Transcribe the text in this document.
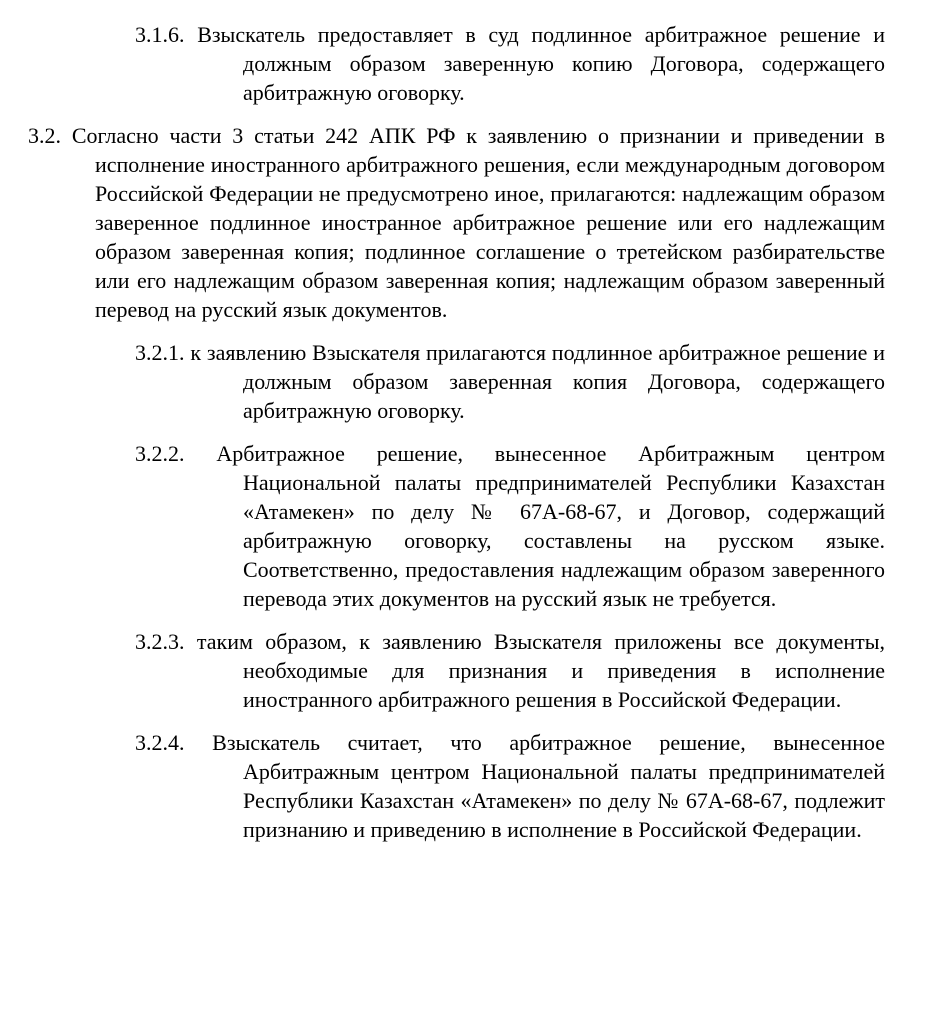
3.1.6. Взыскатель предоставляет в суд подлинное арбитражное решение и должным образом заверенную копию Договора, содержащего арбитражную оговорку.
3.2. Согласно части 3 статьи 242 АПК РФ к заявлению о признании и приведении в исполнение иностранного арбитражного решения, если международным договором Российской Федерации не предусмотрено иное, прилагаются: надлежащим образом заверенное подлинное иностранное арбитражное решение или его надлежащим образом заверенная копия; подлинное соглашение о третейском разбирательстве или его надлежащим образом заверенная копия; надлежащим образом заверенный перевод на русский язык документов.
3.2.1. к заявлению Взыскателя прилагаются подлинное арбитражное решение и должным образом заверенная копия Договора, содержащего арбитражную оговорку.
3.2.2. Арбитражное решение, вынесенное Арбитражным центром Национальной палаты предпринимателей Республики Казахстан «Атамекен» по делу № 67А-68-67, и Договор, содержащий арбитражную оговорку, составлены на русском языке. Соответственно, предоставления надлежащим образом заверенного перевода этих документов на русский язык не требуется.
3.2.3. таким образом, к заявлению Взыскателя приложены все документы, необходимые для признания и приведения в исполнение иностранного арбитражного решения в Российской Федерации.
3.2.4. Взыскатель считает, что арбитражное решение, вынесенное Арбитражным центром Национальной палаты предпринимателей Республики Казахстан «Атамекен» по делу № 67А-68-67, подлежит признанию и приведению в исполнение в Российской Федерации.
